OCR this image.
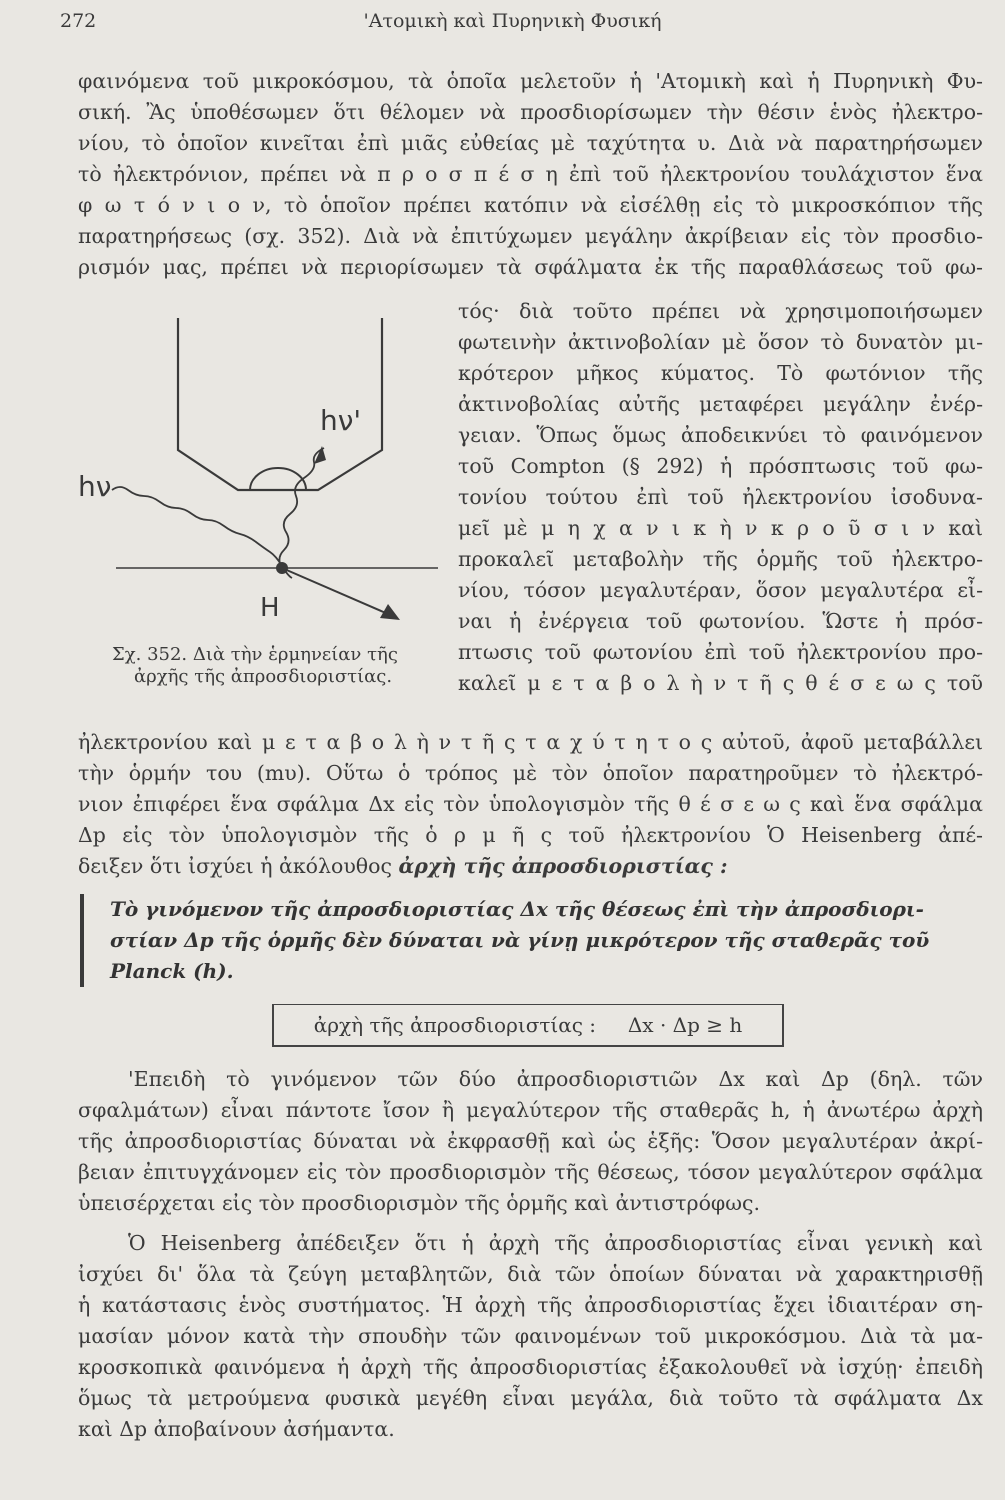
272	'Ατομικὴ καὶ Πυρηνικὴ Φυσική
φαινόμενα τοῦ μικροκόσμου, τὰ ὁποῖα μελετοῦν ἡ 'Ατομικὴ καὶ ἡ Πυρηνικὴ Φυ-
σική. Ἂς ὑποθέσωμεν ὅτι θέλομεν νὰ προσδιορίσωμεν τὴν θέσιν ἑνὸς ἠλεκτρο-
νίου, τὸ ὁποῖον κινεῖται ἐπὶ μιᾶς εὐθείας μὲ ταχύτητα υ. Διὰ νὰ παρατηρήσωμεν
τὸ ἠλεκτρόνιον, πρέπει νὰ π ρ ο σ π έ σ η ἐπὶ τοῦ ἠλεκτρονίου τουλάχιστον ἕνα
φ ω τ ό ν ι ο ν, τὸ ὁποῖον πρέπει κατόπιν νὰ εἰσέλθῃ εἰς τὸ μικροσκόπιον τῆς
παρατηρήσεως (σχ. 352). Διὰ νὰ ἐπιτύχωμεν μεγάλην ἀκρίβειαν εἰς τὸν προσδιο-
ρισμόν μας, πρέπει νὰ περιορίσωμεν τὰ σφάλματα ἐκ τῆς παραθλάσεως τοῦ φω-
hν
hν'
H
Σχ. 352. Διὰ τὴν ἑρμηνείαν τῆς
ἀρχῆς τῆς ἀπροσδιοριστίας.
τός· διὰ τοῦτο πρέπει νὰ χρησιμοποιήσωμεν
φωτεινὴν ἀκτινοβολίαν μὲ ὅσον τὸ δυνατὸν μι-
κρότερον μῆκος κύματος. Τὸ φωτόνιον τῆς
ἀκτινοβολίας αὐτῆς μεταφέρει μεγάλην ἐνέρ-
γειαν. Ὅπως ὅμως ἀποδεικνύει τὸ φαινόμενον
τοῦ Compton (§ 292) ἡ πρόσπτωσις τοῦ φω-
τονίου τούτου ἐπὶ τοῦ ἠλεκτρονίου ἰσοδυνα-
μεῖ μὲ μ η χ α ν ι κ ὴ ν κ ρ ο ῦ σ ι ν καὶ
προκαλεῖ μεταβολὴν τῆς ὁρμῆς τοῦ ἠλεκτρο-
νίου, τόσον μεγαλυτέραν, ὅσον μεγαλυτέρα εἶ-
ναι ἡ ἐνέργεια τοῦ φωτονίου. Ὥστε ἡ πρόσ-
πτωσις τοῦ φωτονίου ἐπὶ τοῦ ἠλεκτρονίου προ-
καλεῖ μ ε τ α β ο λ ὴ ν τ ῆ ς θ έ σ ε ω ς τοῦ
ἠλεκτρονίου καὶ μ ε τ α β ο λ ὴ ν τ ῆ ς τ α χ ύ τ η τ ο ς αὐτοῦ, ἀφοῦ μεταβάλλει
τὴν ὁρμήν του (mυ). Οὕτω ὁ τρόπος μὲ τὸν ὁποῖον παρατηροῦμεν τὸ ἠλεκτρό-
νιον ἐπιφέρει ἕνα σφάλμα Δx εἰς τὸν ὑπολογισμὸν τῆς θ έ σ ε ω ς καὶ ἕνα σφάλμα
Δp εἰς τὸν ὑπολογισμὸν τῆς ὁ ρ μ ῆ ς τοῦ ἠλεκτρονίου Ὁ Heisenberg ἀπέ-
δειξεν ὅτι ἰσχύει ἡ ἀκόλουθος ἀρχὴ τῆς ἀπροσδιοριστίας :
Τὸ γινόμενον τῆς ἀπροσδιοριστίας Δx τῆς θέσεως ἐπὶ τὴν ἀπροσδιορι-
στίαν Δp τῆς ὁρμῆς δὲν δύναται νὰ γίνῃ μικρότερον τῆς σταθερᾶς τοῦ
Planck (h).
ἀρχὴ τῆς ἀπροσδιοριστίας : Δx · Δp ≥ h
'Επειδὴ τὸ γινόμενον τῶν δύο ἀπροσδιοριστιῶν Δx καὶ Δp (δηλ. τῶν
σφαλμάτων) εἶναι πάντοτε ἴσον ἢ μεγαλύτερον τῆς σταθερᾶς h, ἡ ἀνωτέρω ἀρχὴ
τῆς ἀπροσδιοριστίας δύναται νὰ ἐκφρασθῇ καὶ ὡς ἑξῆς: Ὅσον μεγαλυτέραν ἀκρί-
βειαν ἐπιτυγχάνομεν εἰς τὸν προσδιορισμὸν τῆς θέσεως, τόσον μεγαλύτερον σφάλμα
ὑπεισέρχεται εἰς τὸν προσδιορισμὸν τῆς ὁρμῆς καὶ ἀντιστρόφως.
Ὁ Heisenberg ἀπέδειξεν ὅτι ἡ ἀρχὴ τῆς ἀπροσδιοριστίας εἶναι γενικὴ καὶ
ἰσχύει δι' ὅλα τὰ ζεύγη μεταβλητῶν, διὰ τῶν ὁποίων δύναται νὰ χαρακτηρισθῇ
ἡ κατάστασις ἑνὸς συστήματος. Ἡ ἀρχὴ τῆς ἀπροσδιοριστίας ἔχει ἰδιαιτέραν ση-
μασίαν μόνον κατὰ τὴν σπουδὴν τῶν φαινομένων τοῦ μικροκόσμου. Διὰ τὰ μα-
κροσκοπικὰ φαινόμενα ἡ ἀρχὴ τῆς ἀπροσδιοριστίας ἐξακολουθεῖ νὰ ἰσχύῃ· ἐπειδὴ
ὅμως τὰ μετρούμενα φυσικὰ μεγέθη εἶναι μεγάλα, διὰ τοῦτο τὰ σφάλματα Δx
καὶ Δp ἀποβαίνουν ἀσήμαντα.
